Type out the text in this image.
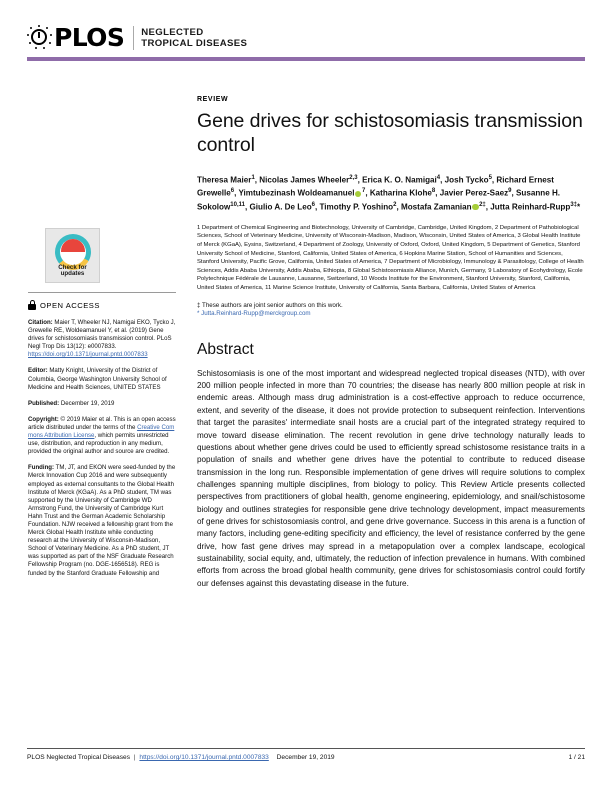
PLOS NEGLECTED
TROPICAL DISEASES
Check for
updates
OPEN ACCESS
Citation: Maier T, Wheeler NJ, Namigai EKO, Tycko J, Grewelle RE, Woldeamanuel Y, et al. (2019) Gene drives for schistosomiasis transmission control. PLoS Negl Trop Dis 13(12): e0007833.
https://doi.org/10.1371/journal.pntd.0007833
Editor: Matty Knight, University of the District of Columbia, George Washington University School of Medicine and Health Sciences, UNITED STATES
Published: December 19, 2019
Copyright: © 2019 Maier et al. This is an open access article distributed under the terms of the Creative Commons Attribution License, which permits unrestricted use, distribution, and reproduction in any medium, provided the original author and source are credited.
Funding: TM, JT, and EKON were seed-funded by the Merck Innovation Cup 2016 and were subsequently employed as external consultants to the Global Health Institute of Merck (KGaA). As a PhD student, TM was supported by the University of Cambridge WD Armstrong Fund, the University of Cambridge Kurt Hahn Trust and the German Academic Scholarship Foundation. NJW received a fellowship grant from the Merck Global Health Institute while conducting research at the University of Wisconsin-Madison, School of Veterinary Medicine. As a PhD student, JT was supported as part of the NSF Graduate Research Fellowship Program (no. DGE-1656518). REG is funded by the Stanford Graduate Fellowship and
REVIEW
Gene drives for schistosomiasis transmission control
Theresa Maier$^1$, Nicolas James Wheeler$^{2,3}$, Erica K. O. Namigai$^4$, Josh Tycko$^5$, Richard Ernest Grewelle$^6$, Yimtubezinash Woldeamanuel $^7$, Katharina Klohe$^8$, Javier Perez-Saez$^9$, Susanne H. Sokolow$^{10,11}$, Giulio A. De Leo$^6$, Timothy P. Yoshino$^2$, Mostafa Zamanian $^{2\ddagger}$, Jutta Reinhard-Rupp$^{3\ddagger}$*
1 Department of Chemical Engineering and Biotechnology, University of Cambridge, Cambridge, United Kingdom, 2 Department of Pathobiological Sciences, School of Veterinary Medicine, University of Wisconsin-Madison, Madison, Wisconsin, United States of America, 3 Global Health Institute of Merck (KGaA), Eysins, Switzerland, 4 Department of Zoology, University of Oxford, Oxford, United Kingdom, 5 Department of Genetics, Stanford University School of Medicine, Stanford, California, United States of America, 6 Hopkins Marine Station, School of Humanities and Sciences, Stanford University, Pacific Grove, California, United States of America, 7 Department of Microbiology, Immunology & Parasitology, College of Health Sciences, Addis Ababa University, Addis Ababa, Ethiopia, 8 Global Schistosomiasis Alliance, Munich, Germany, 9 Laboratory of Ecohydrology, Ecole Polytechnique Fédérale de Lausanne, Lausanne, Switzerland, 10 Woods Institute for the Environment, Stanford University, Stanford, California, United States of America, 11 Marine Science Institute, University of California, Santa Barbara, California, United States of America
‡ These authors are joint senior authors on this work.
* Jutta.Reinhard-Rupp@merckgroup.com
Abstract

Schistosomiasis is one of the most important and widespread neglected tropical diseases (NTD), with over 200 million people infected in more than 70 countries; the disease has nearly 800 million people at risk in endemic areas. Although mass drug administration is a cost-effective approach to reduce occurrence, extent, and severity of the disease, it does not provide protection to subsequent reinfection. Interventions that target the parasites' intermediate snail hosts are a crucial part of the integrated strategy required to move toward disease elimination. The recent revolution in gene drive technology naturally leads to questions about whether gene drives could be used to efficiently spread schistosome resistance traits in a population of snails and whether gene drives have the potential to contribute to reduced disease transmission in the long run. Responsible implementation of gene drives will require solutions to complex challenges spanning multiple disciplines, from biology to policy. This Review Article presents collected perspectives from practitioners of global health, genome engineering, epidemiology, and snail/schistosome biology and outlines strategies for responsible gene drive technology development, impact measurements of gene drives for schistosomiasis control, and gene drive governance. Success in this arena is a function of many factors, including gene-editing specificity and efficiency, the level of resistance conferred by the gene drive, how fast gene drives may spread in a metapopulation over a complex landscape, ecological sustainability, social equity, and, ultimately, the reduction of infection prevalence in humans. With combined efforts from across the broad global health community, gene drives for schistosomiasis control could fortify our defenses against this devastating disease in the future.

PLOS Neglected Tropical Diseases | https://doi.org/10.1371/journal.pntd.0007833 December 19, 2019	1 / 21
